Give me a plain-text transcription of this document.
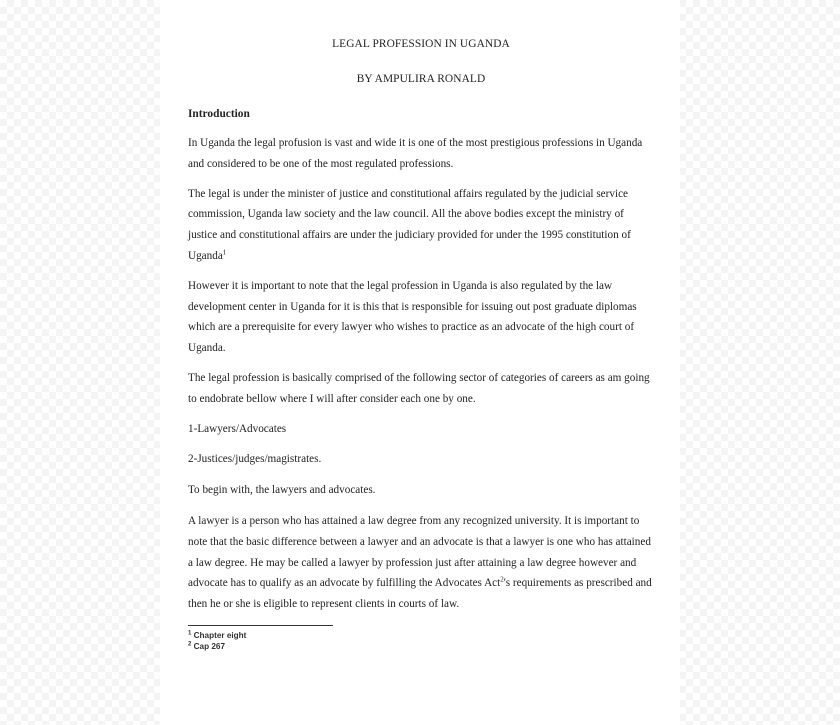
LEGAL PROFESSION IN UGANDA
BY AMPULIRA RONALD
Introduction

In Uganda the legal profusion is vast and wide it is one of the most prestigious professions in Uganda and considered to be one of the most regulated professions.

The legal is under the minister of justice and constitutional affairs regulated by the judicial service commission, Uganda law society and the law council. All the above bodies except the ministry of justice and constitutional affairs are under the judiciary provided for under the 1995 constitution of Uganda$^1$

However it is important to note that the legal profession in Uganda is also regulated by the law development center in Uganda for it is this that is responsible for issuing out post graduate diplomas which are a prerequisite for every lawyer who wishes to practice as an advocate of the high court of Uganda.

The legal profession is basically comprised of the following sector of categories of careers as am going to endobrate bellow where I will after consider each one by one.

1-Lawyers/Advocates

2-Justices/judges/magistrates.

To begin with, the lawyers and advocates.

A lawyer is a person who has attained a law degree from any recognized university. It is important to note that the basic difference between a lawyer and an advocate is that a lawyer is one who has attained a law degree. He may be called a lawyer by profession just after attaining a law degree however and advocate has to qualify as an advocate by fulfilling the Advocates Act$^2$'s requirements as prescribed and then he or she is eligible to represent clients in courts of law.

$^1$ Chapter eight
$^2$ Cap 267
